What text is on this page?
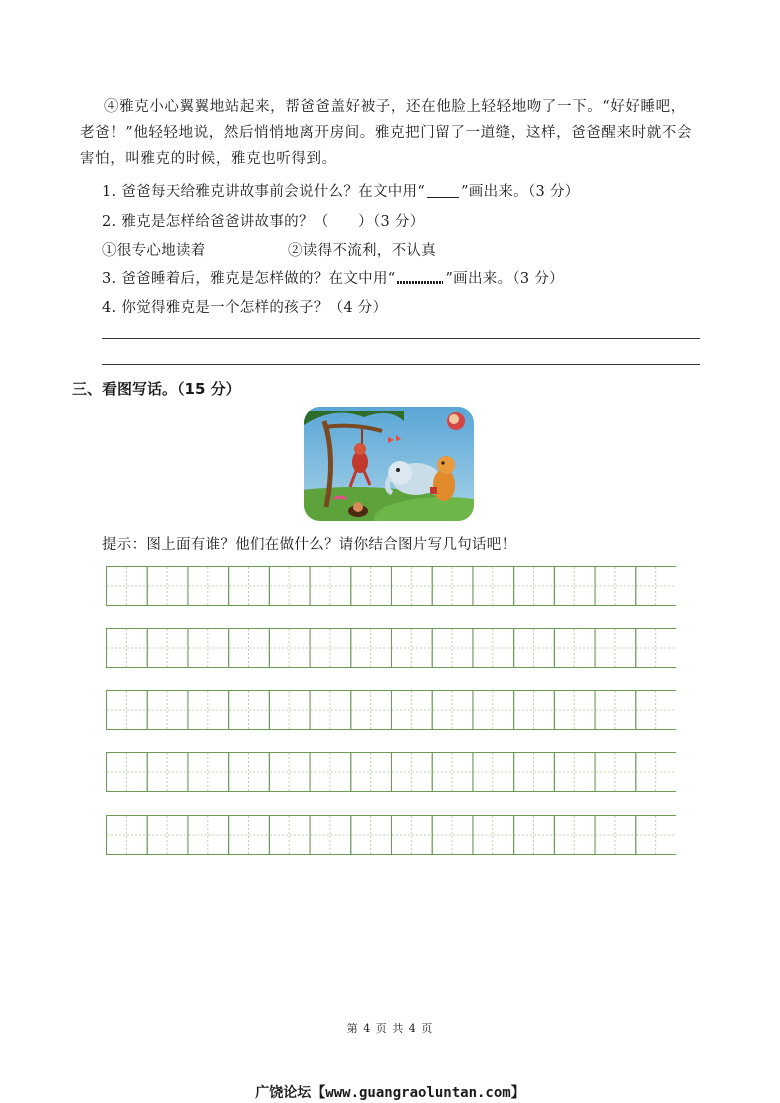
④雅克小心翼翼地站起来，帮爸爸盖好被子，还在他脸上轻轻地吻了一下。“好好睡吧，老爸！”他轻轻地说，然后悄悄地离开房间。雅克把门留了一道缝，这样，爸爸醒来时就不会害怕，叫雅克的时候，雅克也听得到。
1. 爸爸每天给雅克讲故事前会说什么？在文中用“ ”画出来。（3 分）
2. 雅克是怎样给爸爸讲故事的？（　　）（3 分）
①很专心地读着	②读得不流利，不认真
3. 爸爸睡着后，雅克是怎样做的？在文中用“	”画出来。（3 分）
4. 你觉得雅克是一个怎样的孩子？（4 分）
三、看图写话。（15 分）
提示：图上面有谁？他们在做什么？请你结合图片写几句话吧！
第 4 页 共 4 页
广饶论坛【www.guangraoluntan.com】
